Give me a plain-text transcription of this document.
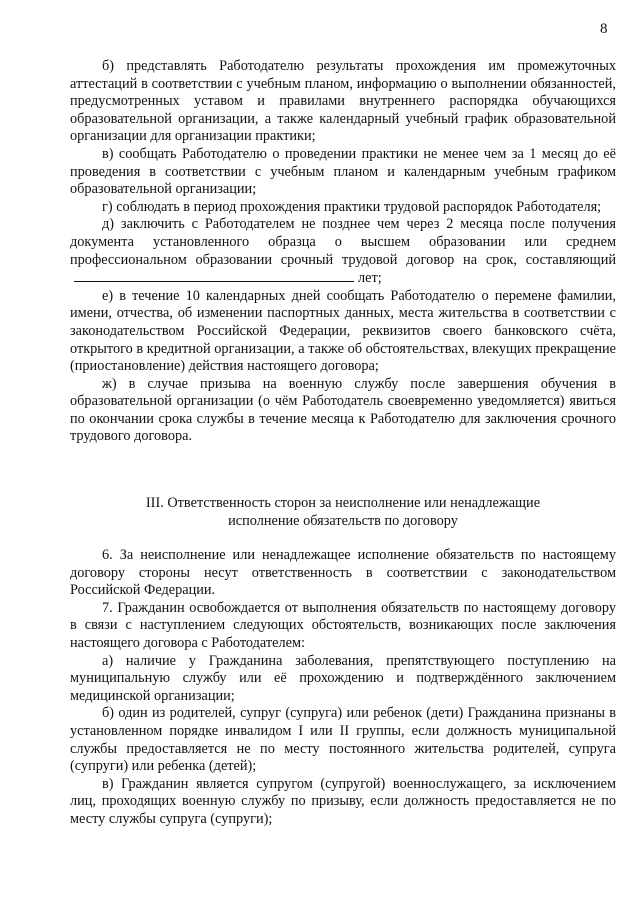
8

б) представлять Работодателю результаты прохождения им промежуточных аттестаций в соответствии с учебным планом, информацию о выполнении обязанностей, предусмотренных уставом и правилами внутреннего распорядка обучающихся образовательной организации, а также календарный учебный график образовательной организации для организации практики;

в) сообщать Работодателю о проведении практики не менее чем за 1 месяц до её проведения в соответствии с учебным планом и календарным учебным графиком образовательной организации;

г) соблюдать в период прохождения практики трудовой распорядок Работодателя;

д) заключить с Работодателем не позднее чем через 2 месяца после получения документа установленного образца о высшем образовании или среднем профессиональном образовании срочный трудовой договор на срок, составляющийлет;

е) в течение 10 календарных дней сообщать Работодателю о перемене фамилии, имени, отчества, об изменении паспортных данных, места жительства в соответствии с законодательством Российской Федерации, реквизитов своего банковского счёта, открытого в кредитной организации, а также об обстоятельствах, влекущих прекращение (приостановление) действия настоящего договора;

ж) в случае призыва на военную службу после завершения обучения в образовательной организации (о чём Работодатель своевременно уведомляется) явиться по окончании срока службы в течение месяца к Работодателю для заключения срочного трудового договора.

III. Ответственность сторон за неисполнение или ненадлежащие
исполнение обязательств по договору

6. За неисполнение или ненадлежащее исполнение обязательств по настоящему договору стороны несут ответственность в соответствии с законодательством Российской Федерации.

7. Гражданин освобождается от выполнения обязательств по настоящему договору в связи с наступлением следующих обстоятельств, возникающих после заключения настоящего договора с Работодателем:

а) наличие у Гражданина заболевания, препятствующего поступлению на муниципальную службу или её прохождению и подтверждённого заключением медицинской организации;

б) один из родителей, супруг (супруга) или ребенок (дети) Гражданина признаны в установленном порядке инвалидом I или II группы, если должность муниципальной службы предоставляется не по месту постоянного жительства родителей, супруга (супруги) или ребенка (детей);

в) Гражданин является супругом (супругой) военнослужащего, за исключением лиц, проходящих военную службу по призыву, если должность предоставляется не по месту службы супруга (супруги);
